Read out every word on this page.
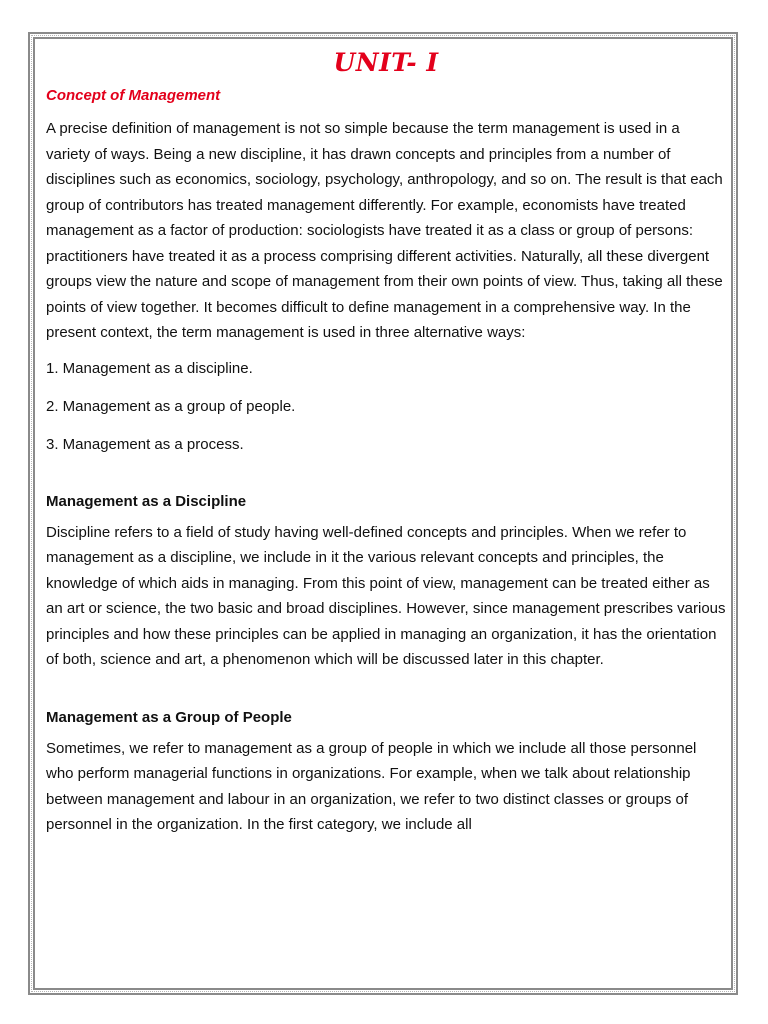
UNIT- I
Concept of Management

A precise definition of management is not so simple because the term management is used in a variety of ways. Being a new discipline, it has drawn concepts and principles from a number of disciplines such as economics, sociology, psychology, anthropology, and so on. The result is that each group of contributors has treated management differently. For example, economists have treated management as a factor of production: sociologists have treated it as a class or group of persons: practitioners have treated it as a process comprising different activities. Naturally, all these divergent groups view the nature and scope of management from their own points of view. Thus, taking all these points of view together. It becomes difficult to define management in a comprehensive way. In the present context, the term management is used in three alternative ways:

1. Management as a discipline.

2. Management as a group of people.

3. Management as a process.

Management as a Discipline

Discipline refers to a field of study having well-defined concepts and principles. When we refer to management as a discipline, we include in it the various relevant concepts and principles, the knowledge of which aids in managing. From this point of view, management can be treated either as an art or science, the two basic and broad disciplines. However, since management prescribes various principles and how these principles can be applied in managing an organization, it has the orientation of both, science and art, a phenomenon which will be discussed later in this chapter.

Management as a Group of People

Sometimes, we refer to management as a group of people in which we include all those personnel who perform managerial functions in organizations. For example, when we talk about relationship between management and labour in an organization, we refer to two distinct classes or groups of personnel in the organization. In the first category, we include all
